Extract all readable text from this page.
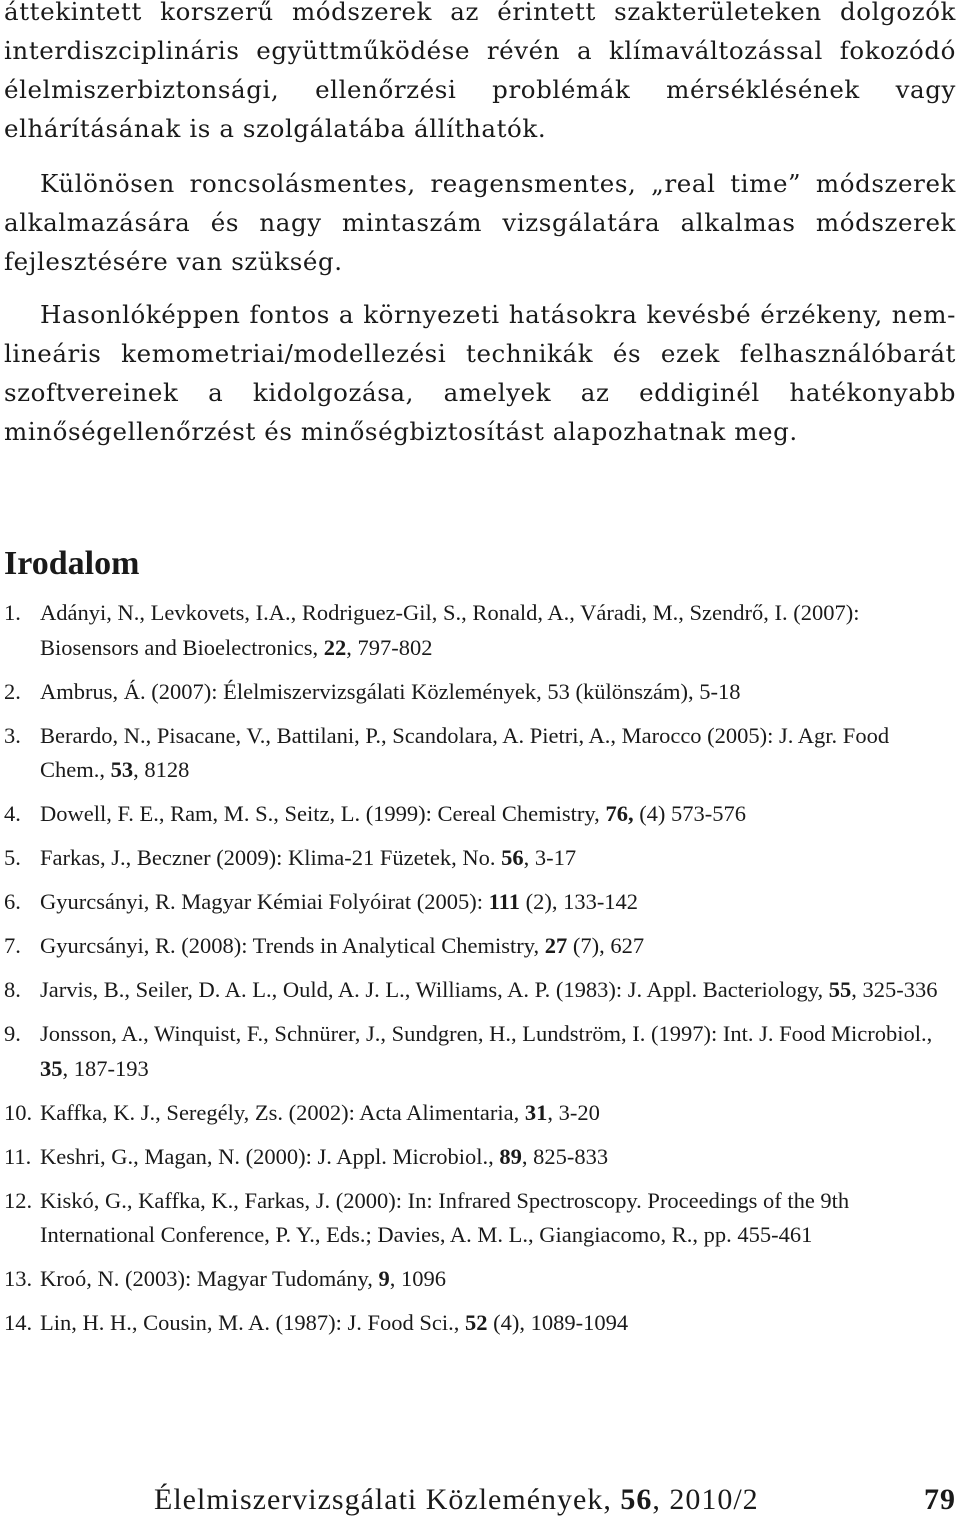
áttekintett korszerű módszerek az érintett szakterületeken dolgozók interdiszciplináris együttműködése révén a klímaváltozással fokozódó élelmiszerbiztonsági, ellenőrzési problémák mérséklésének vagy elhárításának is a szolgálatába állíthatók.

Különösen roncsolásmentes, reagensmentes, „real time” módszerek alkalmazására és nagy mintaszám vizsgálatára alkalmas módszerek fejlesztésére van szükség.

Hasonlóképpen fontos a környezeti hatásokra kevésbé érzékeny, nem-lineáris kemometriai/modellezési technikák és ezek felhasználóbarát szoftvereinek a kidolgozása, amelyek az eddiginél hatékonyabb minőségellenőrzést és minőségbiztosítást alapozhatnak meg.

Irodalom
1. Adányi, N., Levkovets, I.A., Rodriguez-Gil, S., Ronald, A., Váradi, M., Szendrő, I. (2007): Biosensors and Bioelectronics, 22, 797-802
2. Ambrus, Á. (2007): Élelmiszervizsgálati Közlemények, 53 (különszám), 5-18
3. Berardo, N., Pisacane, V., Battilani, P., Scandolara, A. Pietri, A., Marocco (2005): J. Agr. Food Chem., 53, 8128
4. Dowell, F. E., Ram, M. S., Seitz, L. (1999): Cereal Chemistry, 76, (4) 573-576
5. Farkas, J., Beczner (2009): Klima-21 Füzetek, No. 56, 3-17
6. Gyurcsányi, R. Magyar Kémiai Folyóirat (2005): 111 (2), 133-142
7. Gyurcsányi, R. (2008): Trends in Analytical Chemistry, 27 (7), 627
8. Jarvis, B., Seiler, D. A. L., Ould, A. J. L., Williams, A. P. (1983): J. Appl. Bacteriology, 55, 325-336
9. Jonsson, A., Winquist, F., Schnürer, J., Sundgren, H., Lundström, I. (1997): Int. J. Food Microbiol., 35, 187-193
10. Kaffka, K. J., Seregély, Zs. (2002): Acta Alimentaria, 31, 3-20
11. Keshri, G., Magan, N. (2000): J. Appl. Microbiol., 89, 825-833
12. Kiskó, G., Kaffka, K., Farkas, J. (2000): In: Infrared Spectroscopy. Proceedings of the 9th International Conference, P. Y., Eds.; Davies, A. M. L., Giangiacomo, R., pp. 455-461
13. Kroó, N. (2003): Magyar Tudomány, 9, 1096
14. Lin, H. H., Cousin, M. A. (1987): J. Food Sci., 52 (4), 1089-1094
Élelmiszervizsgálati Közlemények, 56, 2010/2	79
